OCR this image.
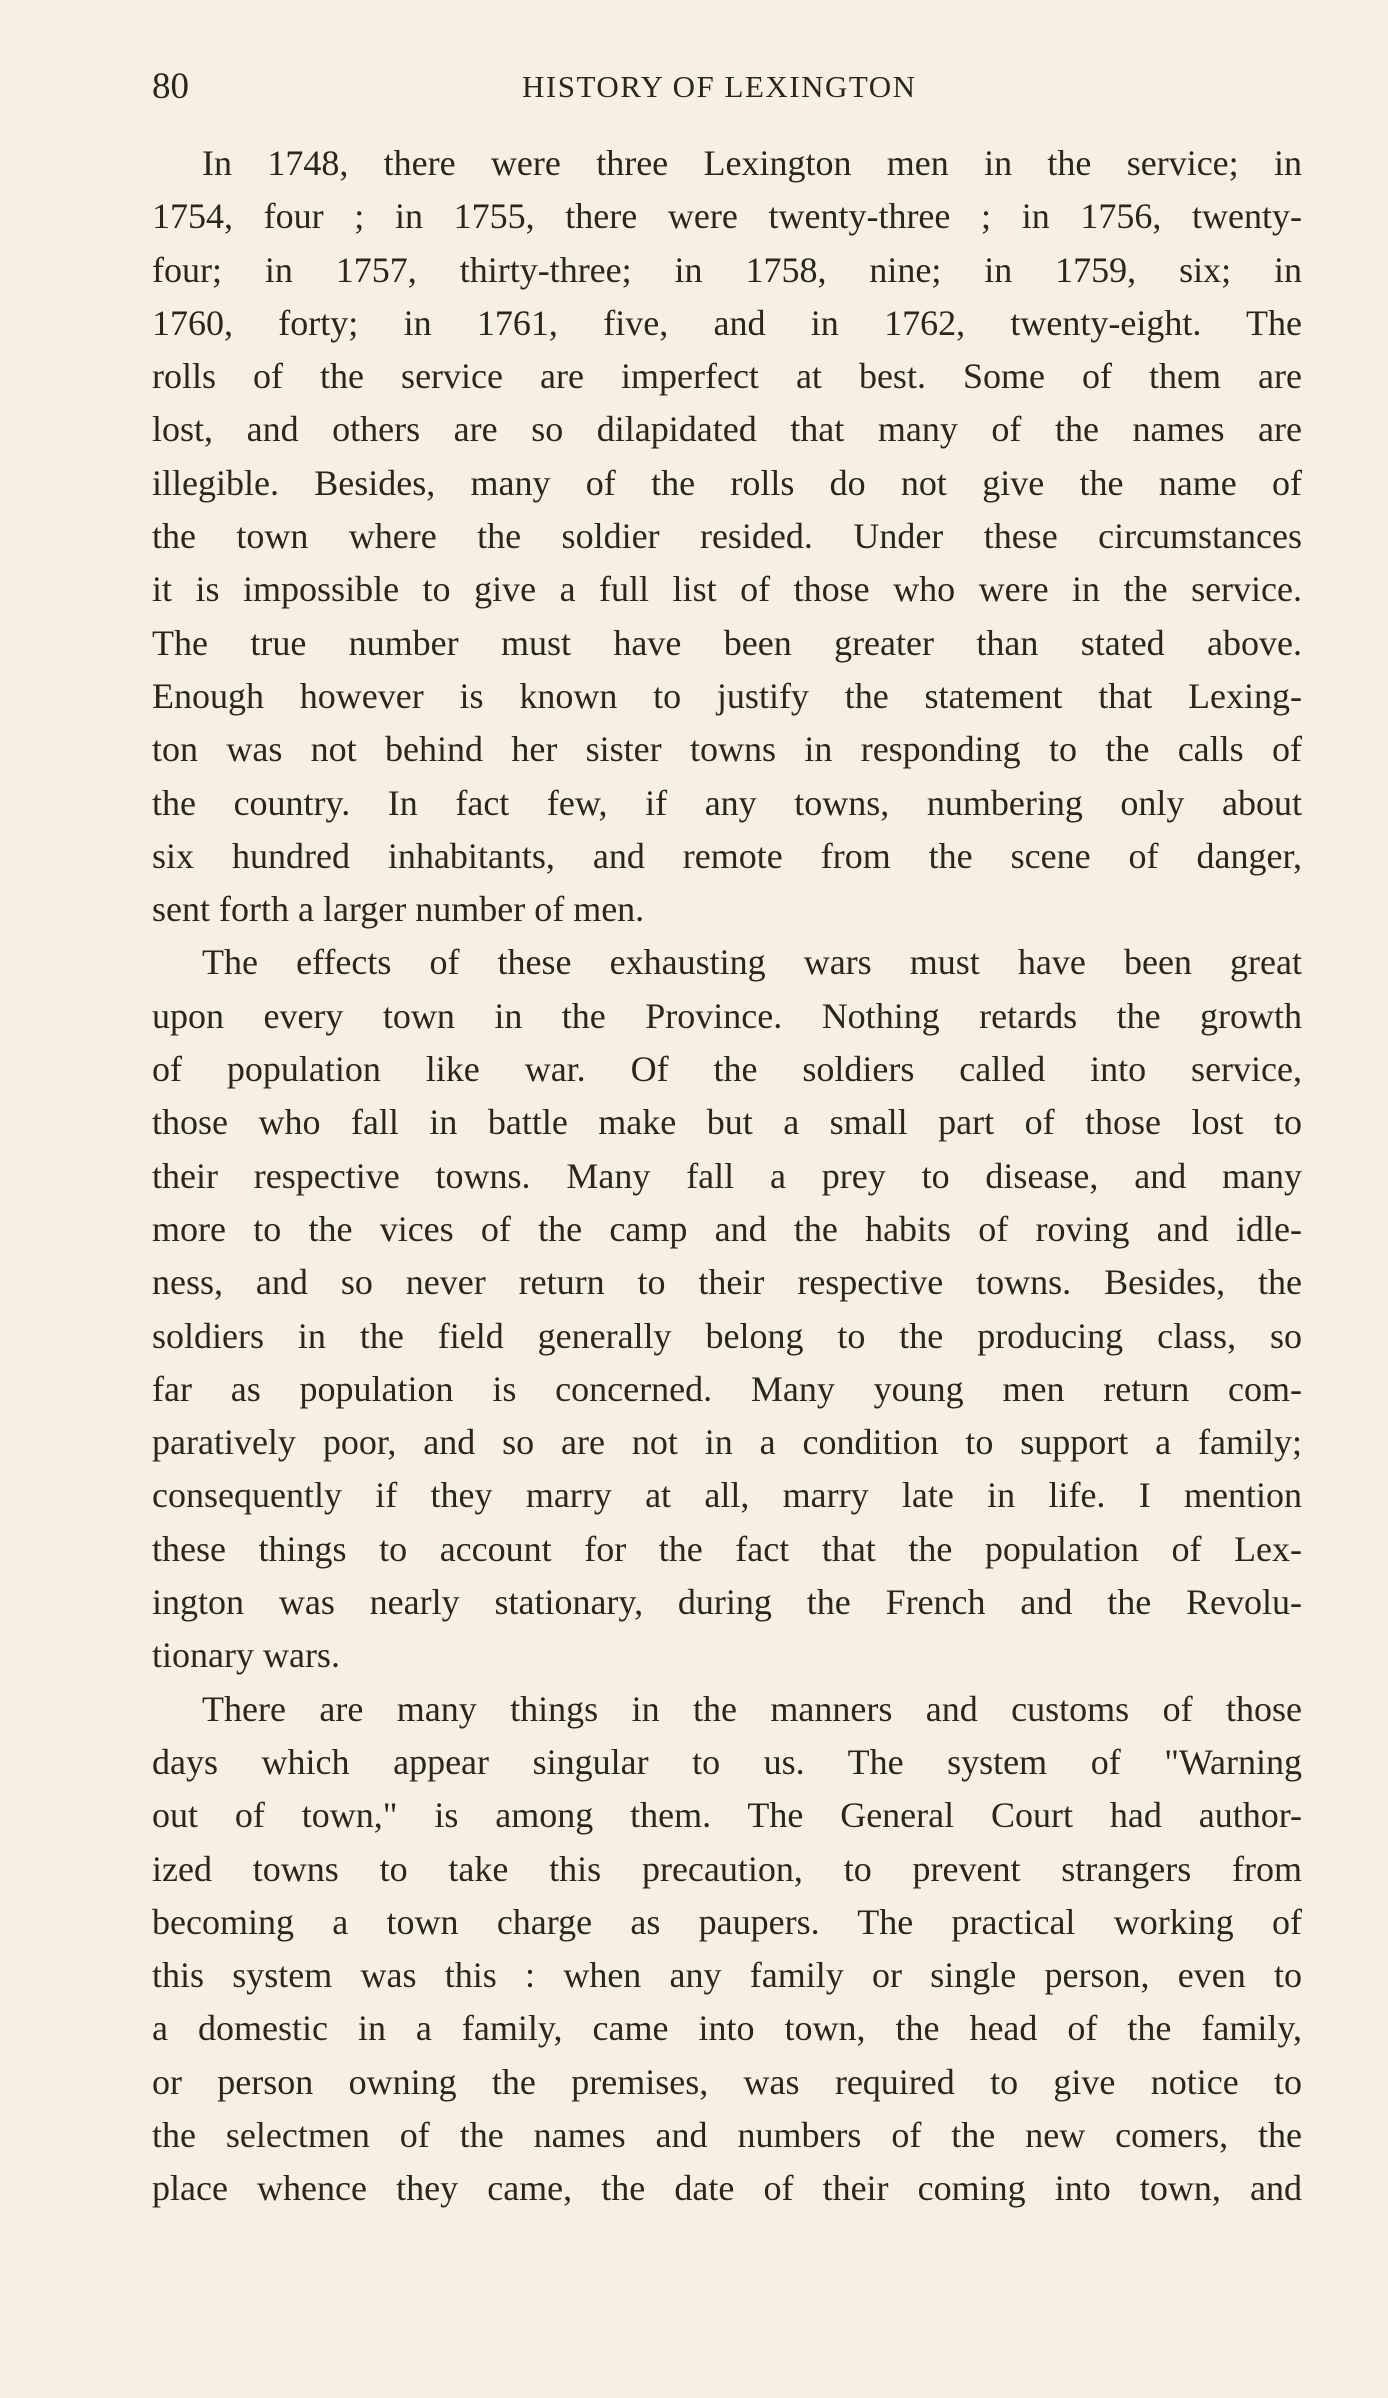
80	HISTORY OF LEXINGTON
In 1748, there were three Lexington men in the service; in
1754, four ; in 1755, there were twenty-three ; in 1756, twenty-
four; in 1757, thirty-three; in 1758, nine; in 1759, six; in
1760, forty; in 1761, five, and in 1762, twenty-eight. The
rolls of the service are imperfect at best. Some of them are
lost, and others are so dilapidated that many of the names are
illegible. Besides, many of the rolls do not give the name of
the town where the soldier resided. Under these circumstances
it is impossible to give a full list of those who were in the service.
The true number must have been greater than stated above.
Enough however is known to justify the statement that Lexing-
ton was not behind her sister towns in responding to the calls of
the country. In fact few, if any towns, numbering only about
six hundred inhabitants, and remote from the scene of danger,
sent forth a larger number of men.
The effects of these exhausting wars must have been great
upon every town in the Province. Nothing retards the growth
of population like war. Of the soldiers called into service,
those who fall in battle make but a small part of those lost to
their respective towns. Many fall a prey to disease, and many
more to the vices of the camp and the habits of roving and idle-
ness, and so never return to their respective towns. Besides, the
soldiers in the field generally belong to the producing class, so
far as population is concerned. Many young men return com-
paratively poor, and so are not in a condition to support a family;
consequently if they marry at all, marry late in life. I mention
these things to account for the fact that the population of Lex-
ington was nearly stationary, during the French and the Revolu-
tionary wars.
There are many things in the manners and customs of those
days which appear singular to us. The system of "Warning
out of town," is among them. The General Court had author-
ized towns to take this precaution, to prevent strangers from
becoming a town charge as paupers. The practical working of
this system was this : when any family or single person, even to
a domestic in a family, came into town, the head of the family,
or person owning the premises, was required to give notice to
the selectmen of the names and numbers of the new comers, the
place whence they came, the date of their coming into town, and
